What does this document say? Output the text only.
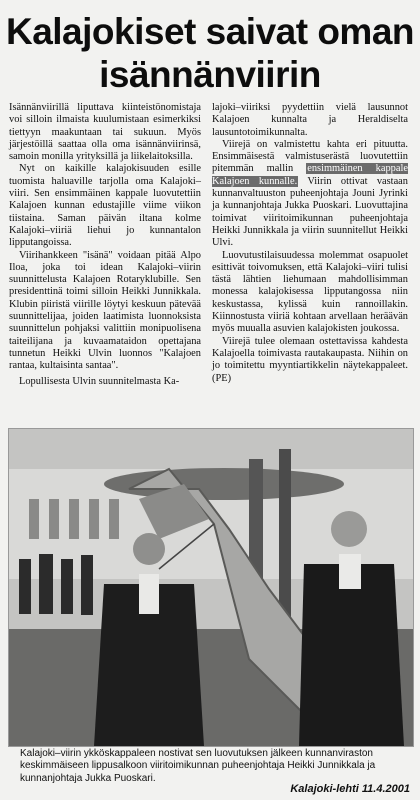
Kalajokiset saivat oman
isännänviirin

Isännänviirillä liputtava kiinteistönomistaja voi silloin ilmaista kuulumistaan esimerkiksi tiettyyn maakuntaan tai sukuun. Myös järjestöillä saattaa olla oma isännänviirinsä, samoin monilla yrityksillä ja liikelaitoksilla.

Nyt on kaikille kalajokisuuden esille tuomista haluaville tarjolla oma Kalajoki–viiri. Sen ensimmäinen kappale luovutettiin Kalajoen kunnan edustajille viime viikon tiistaina. Saman päivän iltana kolme Kalajoki–viiriä liehui jo kunnantalon lipputangoissa.

Viirihankkeen "isänä" voidaan pitää Alpo Iloa, joka toi idean Kalajoki–viirin suunnittelusta Kalajoen Rotaryklubille. Sen presidenttinä toimi silloin Heikki Junnikkala. Klubin piiristä viirille löytyi keskuun pätevää suunnittelijaa, joiden laatimista luonnoksista suunnittelun pohjaksi valittiin monipuolisena taiteilijana ja kuvaamataidon opettajana tunnetun Heikki Ulvin luonnos "Kalajoen rantaa, kultaisinta santaa".

Lopullisesta Ulvin suunnitelmasta Ka-

lajoki–viiriksi pyydettiin vielä lausunnot Kalajoen kunnalta ja Heraldiselta lausuntotoimikunnalta.

Viirejä on valmistettu kahta eri pituutta. Ensimmäisestä valmistuserästä luovutettiin pitemmän mallin ensimmäinen kappale Kalajoen kunnalle. Viirin ottivat vastaan kunnanvaltuuston puheenjohtaja Jouni Jyrinki ja kunnanjohtaja Jukka Puoskari. Luovuttajina toimivat viiritoimikunnan puheenjohtaja Heikki Junnikkala ja viirin suunnitellut Heikki Ulvi.

Luovutustilaisuudessa molemmat osapuolet esittivät toivomuksen, että Kalajoki–viiri tulisi tästä lähtien liehumaan mahdollisimman monessa kalajokisessa lipputangossa niin keskustassa, kylissä kuin rannoillakin. Kiinnostusta viiriä kohtaan arvellaan heräävän myös muualla asuvien kalajokisten joukossa.

Viirejä tulee olemaan ostettavissa kahdesta Kalajoella toimivasta rautakaupasta. Niihin on jo toimitettu myyntiartikkelin näytekappaleet. (PE)

Kalajoki–viirin ykköskappaleen nostivat sen luovutuksen jälkeen kunnanviraston keskimmäiseen lippusalkoon viiritoimikunnan puheenjohtaja Heikki Junnikkala ja kunnanjohtaja Jukka Puoskari.
Kalajoki-lehti 11.4.2001
